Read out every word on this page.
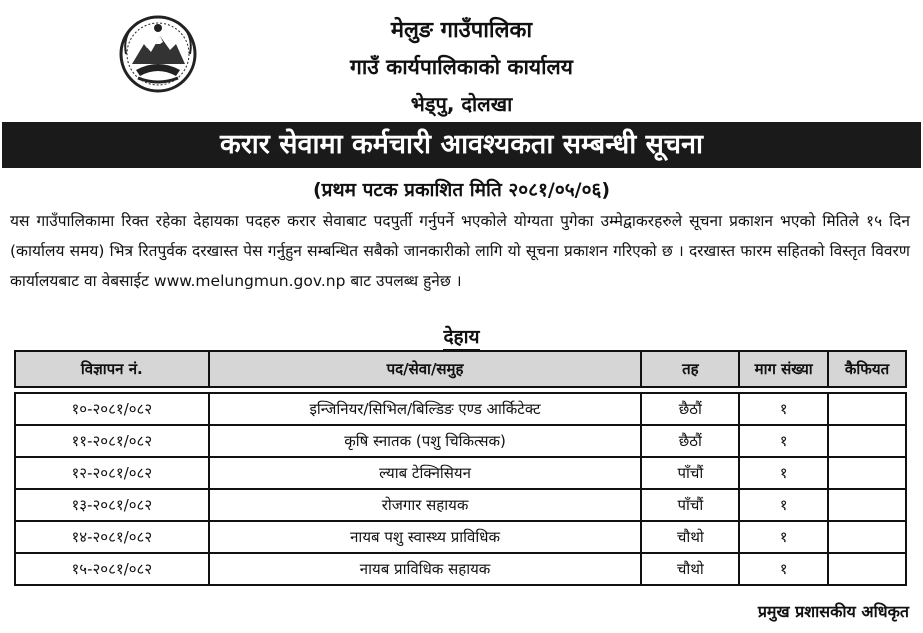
मेलुङ गाउँपालिका
गाउँ कार्यपालिकाको कार्यालय
भेड्पु, दोलखा
करार सेवामा कर्मचारी आवश्यकता सम्बन्धी सूचना
(प्रथम पटक प्रकाशित मिति २०८१/०५/०६)
यस गाउँपालिकामा रिक्त रहेका देहायका पदहरु करार सेवाबाट पदपुर्ती गर्नुपर्ने भएकोले योग्यता पुगेका उम्मेद्वाकरहरुले सूचना प्रकाशन भएको मितिले १५ दिन (कार्यालय समय) भित्र रितपुर्वक दरखास्त पेस गर्नुहुन सम्बन्धित सबैको जानकारीको लागि यो सूचना प्रकाशन गरिएको छ । दरखास्त फारम सहितको विस्तृत विवरण कार्यालयबाट वा वेबसाईट www.melungmun.gov.np बाट उपलब्ध हुनेछ ।
देहाय
विज्ञापन नं.	पद/सेवा/समुह	तह	माग संख्या	कैफियत

१०-२०८१/०८२	इन्जिनियर/सिभिल/बिल्डिङ एण्ड आर्किटेक्ट	छैठौं	१	
११-२०८१/०८२	कृषि स्नातक (पशु चिकित्सक)	छैठौं	१	
१२-२०८१/०८२	ल्याब टेक्निसियन	पाँचौं	१	
१३-२०८१/०८२	रोजगार सहायक	पाँचौं	१	
१४-२०८१/०८२	नायब पशु स्वास्थ्य प्राविधिक	चौथो	१	
१५-२०८१/०८२	नायब प्राविधिक सहायक	चौथो	१	
प्रमुख प्रशासकीय अधिकृत
